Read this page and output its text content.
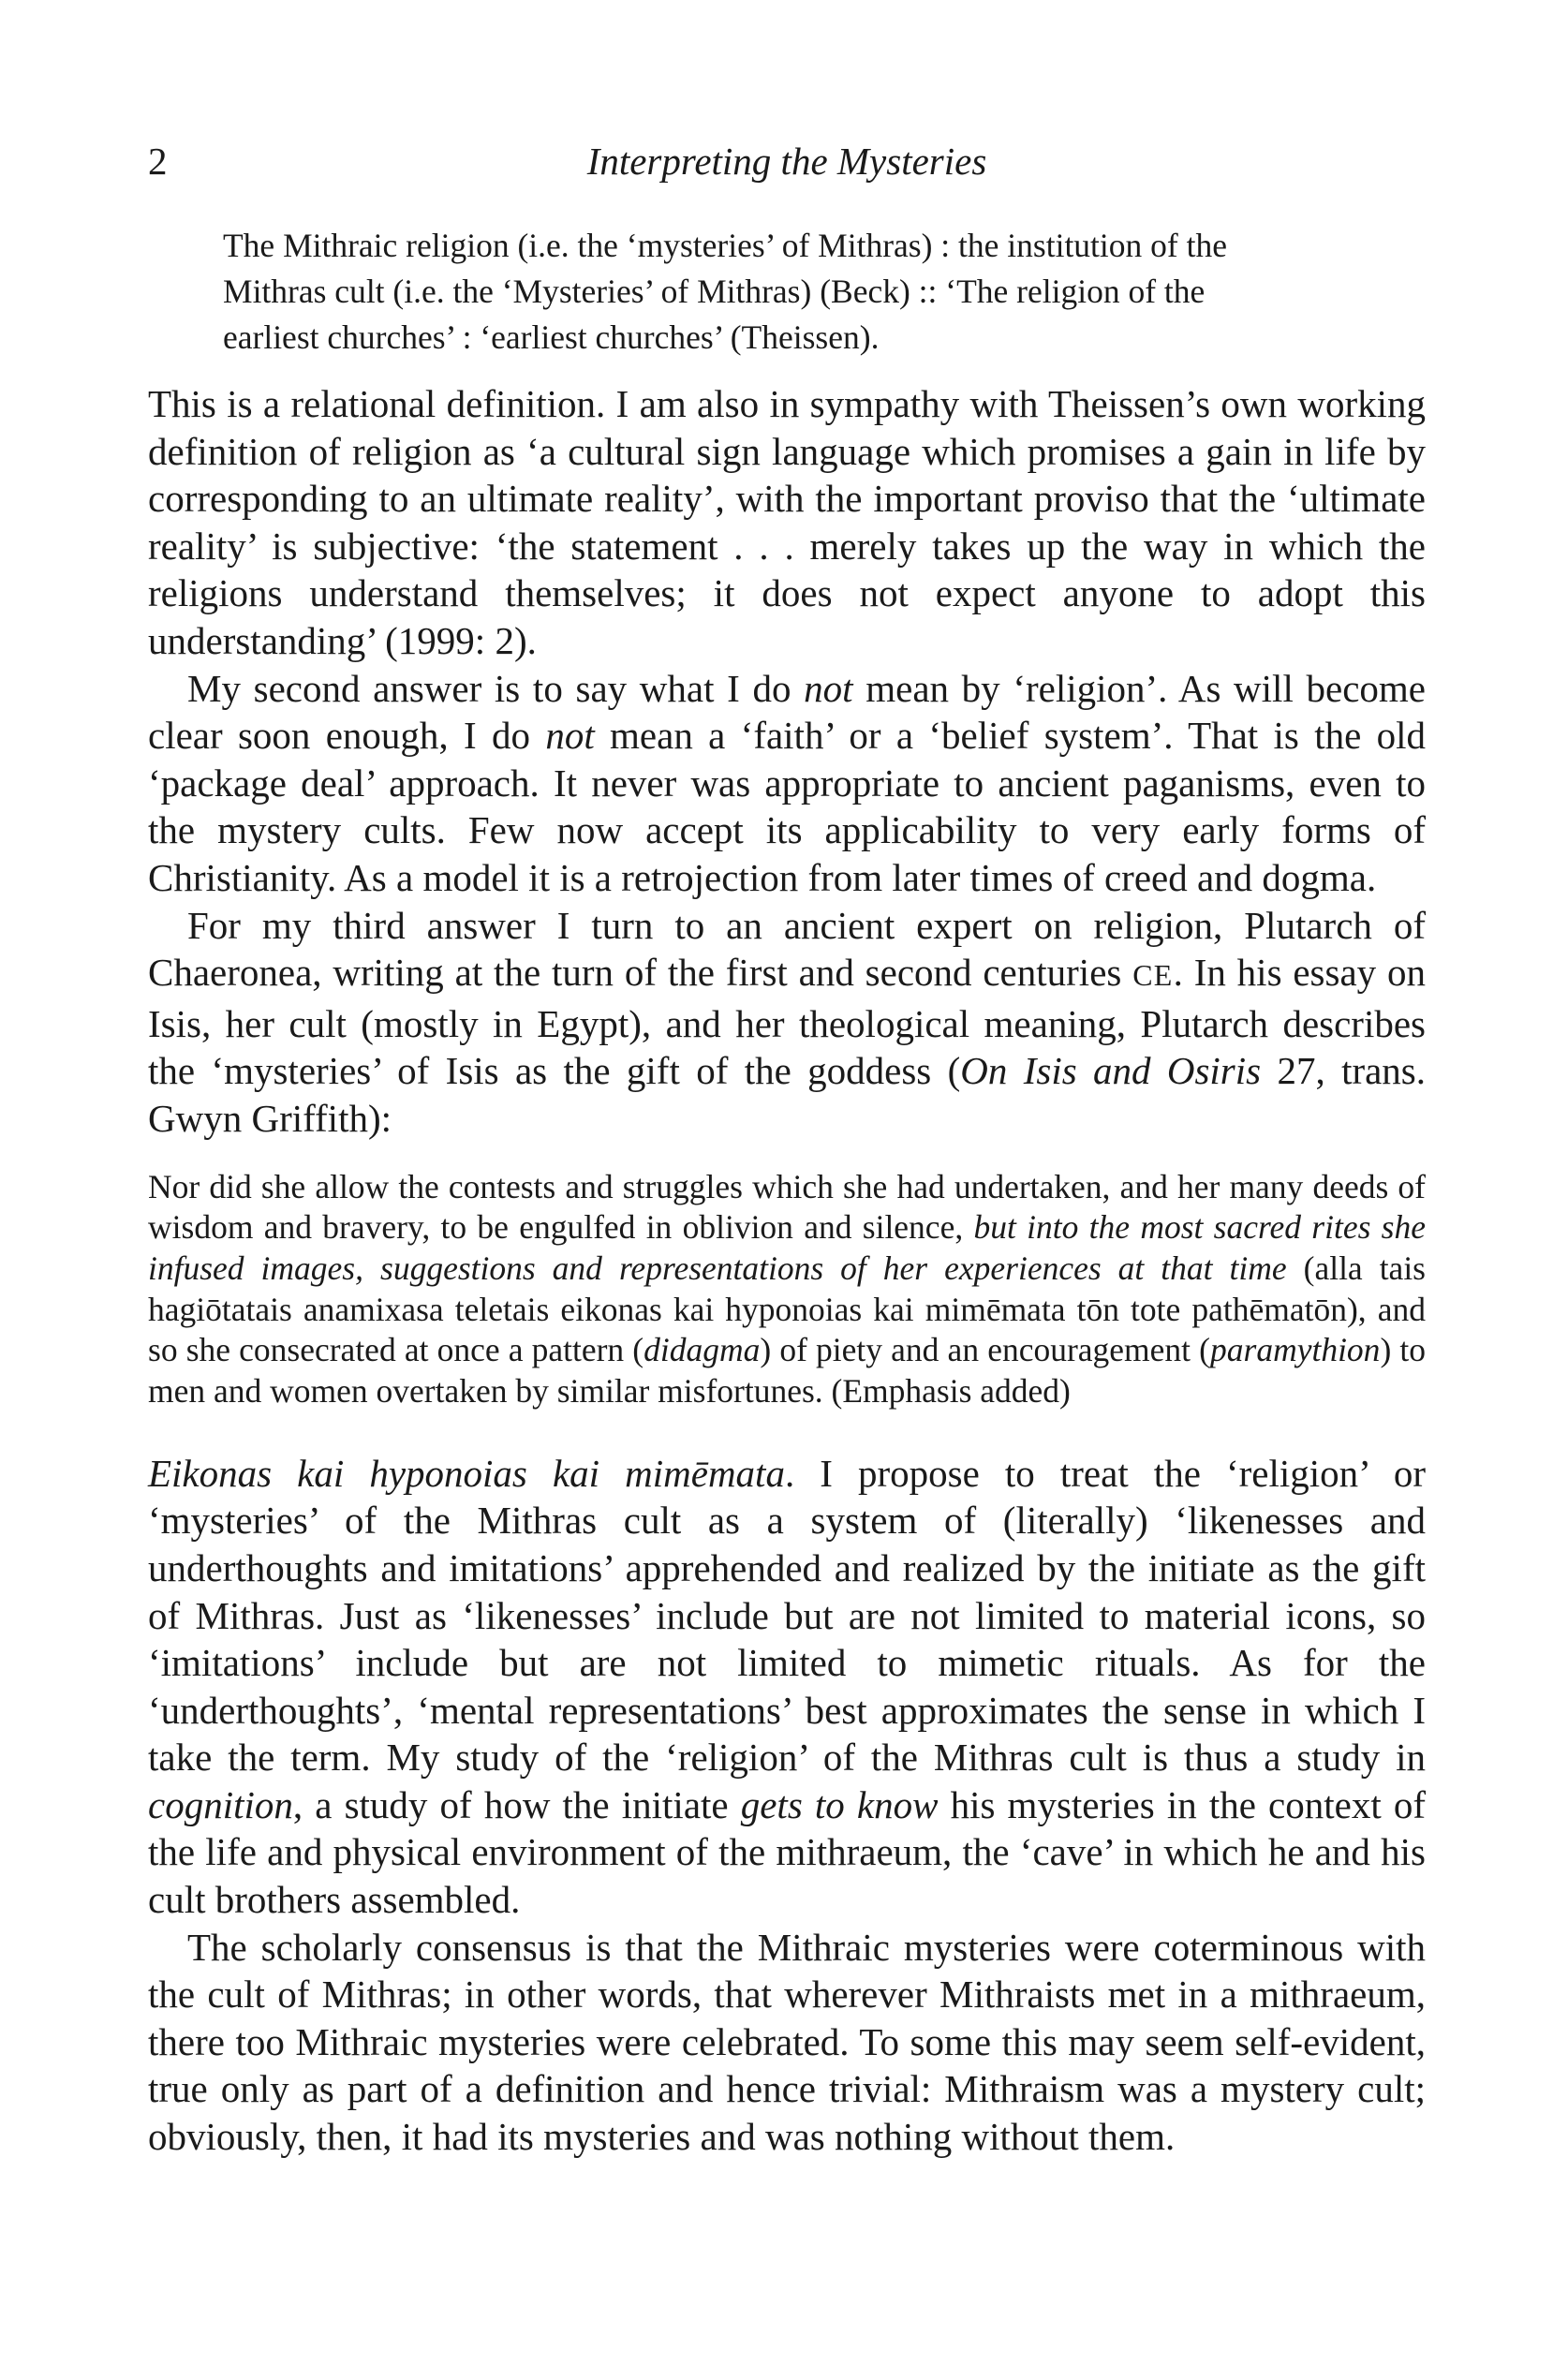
2	Interpreting the Mysteries
The Mithraic religion (i.e. the ‘mysteries’ of Mithras) : the institution of the
Mithras cult (i.e. the ‘Mysteries’ of Mithras) (Beck) :: ‘The religion of the
earliest churches’ : ‘earliest churches’ (Theissen).

This is a relational definition. I am also in sympathy with Theissen’s own working definition of religion as ‘a cultural sign language which promises a gain in life by corresponding to an ultimate reality’, with the important proviso that the ‘ultimate reality’ is subjective: ‘the statement . . . merely takes up the way in which the religions understand themselves; it does not expect anyone to adopt this understanding’ (1999: 2).

My second answer is to say what I do not mean by ‘religion’. As will become clear soon enough, I do not mean a ‘faith’ or a ‘belief system’. That is the old ‘package deal’ approach. It never was appropriate to ancient paganisms, even to the mystery cults. Few now accept its applicability to very early forms of Christianity. As a model it is a retrojection from later times of creed and dogma.

For my third answer I turn to an ancient expert on religion, Plutarch of Chaeronea, writing at the turn of the first and second centuries CE. In his essay on Isis, her cult (mostly in Egypt), and her theological meaning, Plutarch describes the ‘mysteries’ of Isis as the gift of the goddess (On Isis and Osiris 27, trans. Gwyn Griffith):

Nor did she allow the contests and struggles which she had undertaken, and her many deeds of wisdom and bravery, to be engulfed in oblivion and silence, but into the most sacred rites she infused images, suggestions and representations of her experiences at that time (alla tais hagiōtatais anamixasa teletais eikonas kai hyponoias kai mimēmata tōn tote pathēmatōn), and so she consecrated at once a pattern (didagma) of piety and an encouragement (paramythion) to men and women overtaken by similar misfortunes. (Emphasis added)

Eikonas kai hyponoias kai mimēmata. I propose to treat the ‘religion’ or ‘mysteries’ of the Mithras cult as a system of (literally) ‘likenesses and underthoughts and imitations’ apprehended and realized by the initiate as the gift of Mithras. Just as ‘likenesses’ include but are not limited to material icons, so ‘imitations’ include but are not limited to mimetic rituals. As for the ‘underthoughts’, ‘mental representations’ best approximates the sense in which I take the term. My study of the ‘religion’ of the Mithras cult is thus a study in cognition, a study of how the initiate gets to know his mysteries in the context of the life and physical environment of the mithraeum, the ‘cave’ in which he and his cult brothers assembled.

The scholarly consensus is that the Mithraic mysteries were coterminous with the cult of Mithras; in other words, that wherever Mithraists met in a mithraeum, there too Mithraic mysteries were celebrated. To some this may seem self-evident, true only as part of a definition and hence trivial: Mithraism was a mystery cult; obviously, then, it had its mysteries and was nothing without them.
